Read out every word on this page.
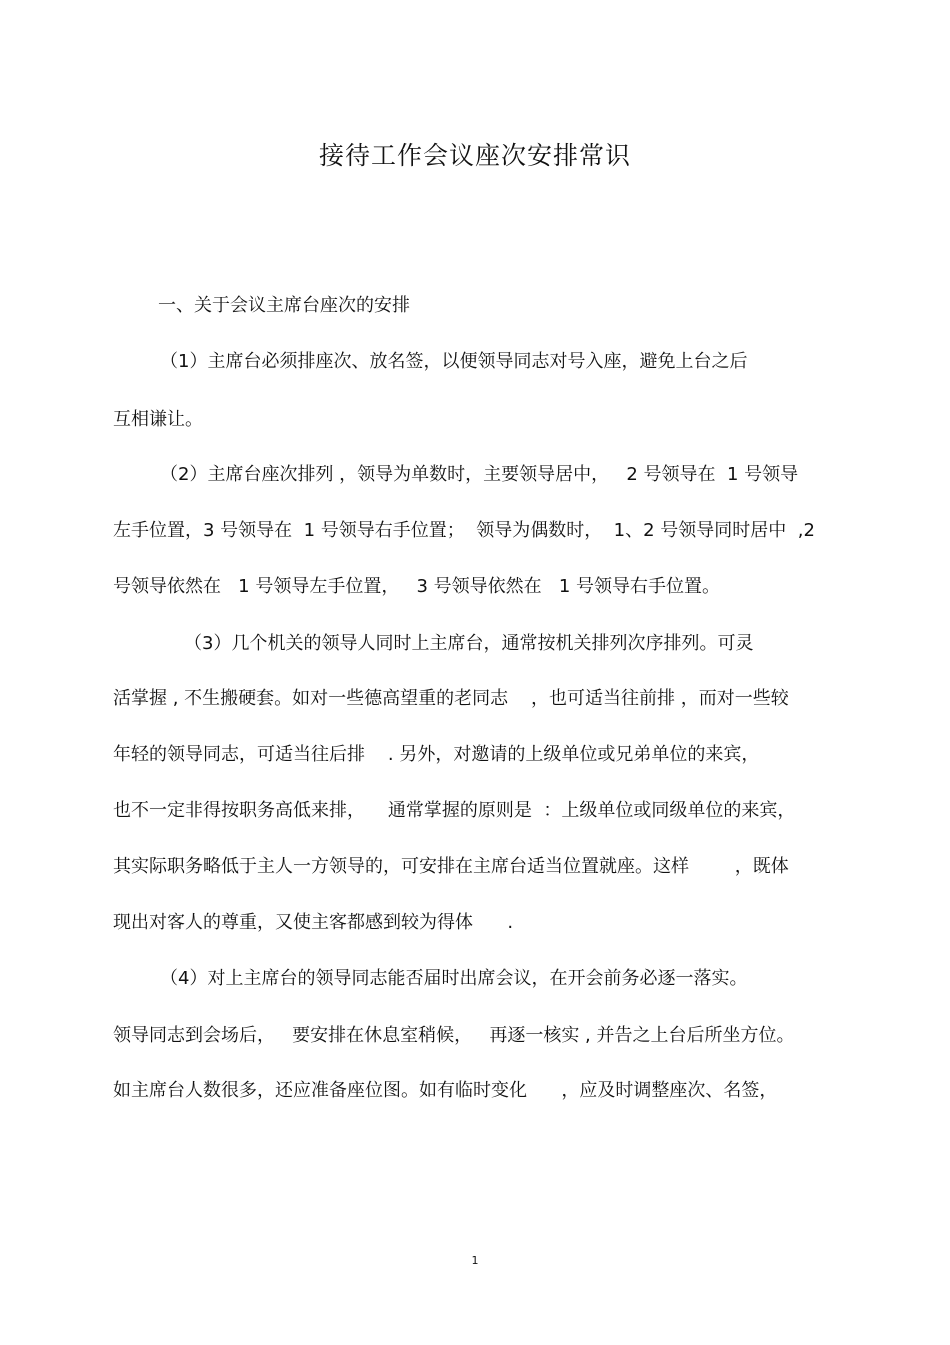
接待工作会议座次安排常识
一、关于会议主席台座次的安排
（1）主席台必须排座次、放名签，以便领导同志对号入座，避免上台之后
互相谦让。
（2）主席台座次排列 ，领导为单数时，主要领导居中，   2 号领导在  1 号领导
左手位置，3 号领导在  1 号领导右手位置；  领导为偶数时，  1、2 号领导同时居中  ,2
号领导依然在   1 号领导左手位置，   3 号领导依然在   1 号领导右手位置。
（3）几个机关的领导人同时上主席台，通常按机关排列次序排列。可灵
活掌握 , 不生搬硬套。如对一些德高望重的老同志    ，也可适当往前排 ，而对一些较
年轻的领导同志，可适当往后排    . 另外，对邀请的上级单位或兄弟单位的来宾，
也不一定非得按职务高低来排，    通常掌握的原则是  ：上级单位或同级单位的来宾，
其实际职务略低于主人一方领导的，可安排在主席台适当位置就座。这样        ，既体
现出对客人的尊重，又使主客都感到较为得体      .
（4）对上主席台的领导同志能否届时出席会议，在开会前务必逐一落实。
领导同志到会场后，   要安排在休息室稍候，   再逐一核实 , 并告之上台后所坐方位。
如主席台人数很多，还应准备座位图。如有临时变化      ，应及时调整座次、名签，
1
